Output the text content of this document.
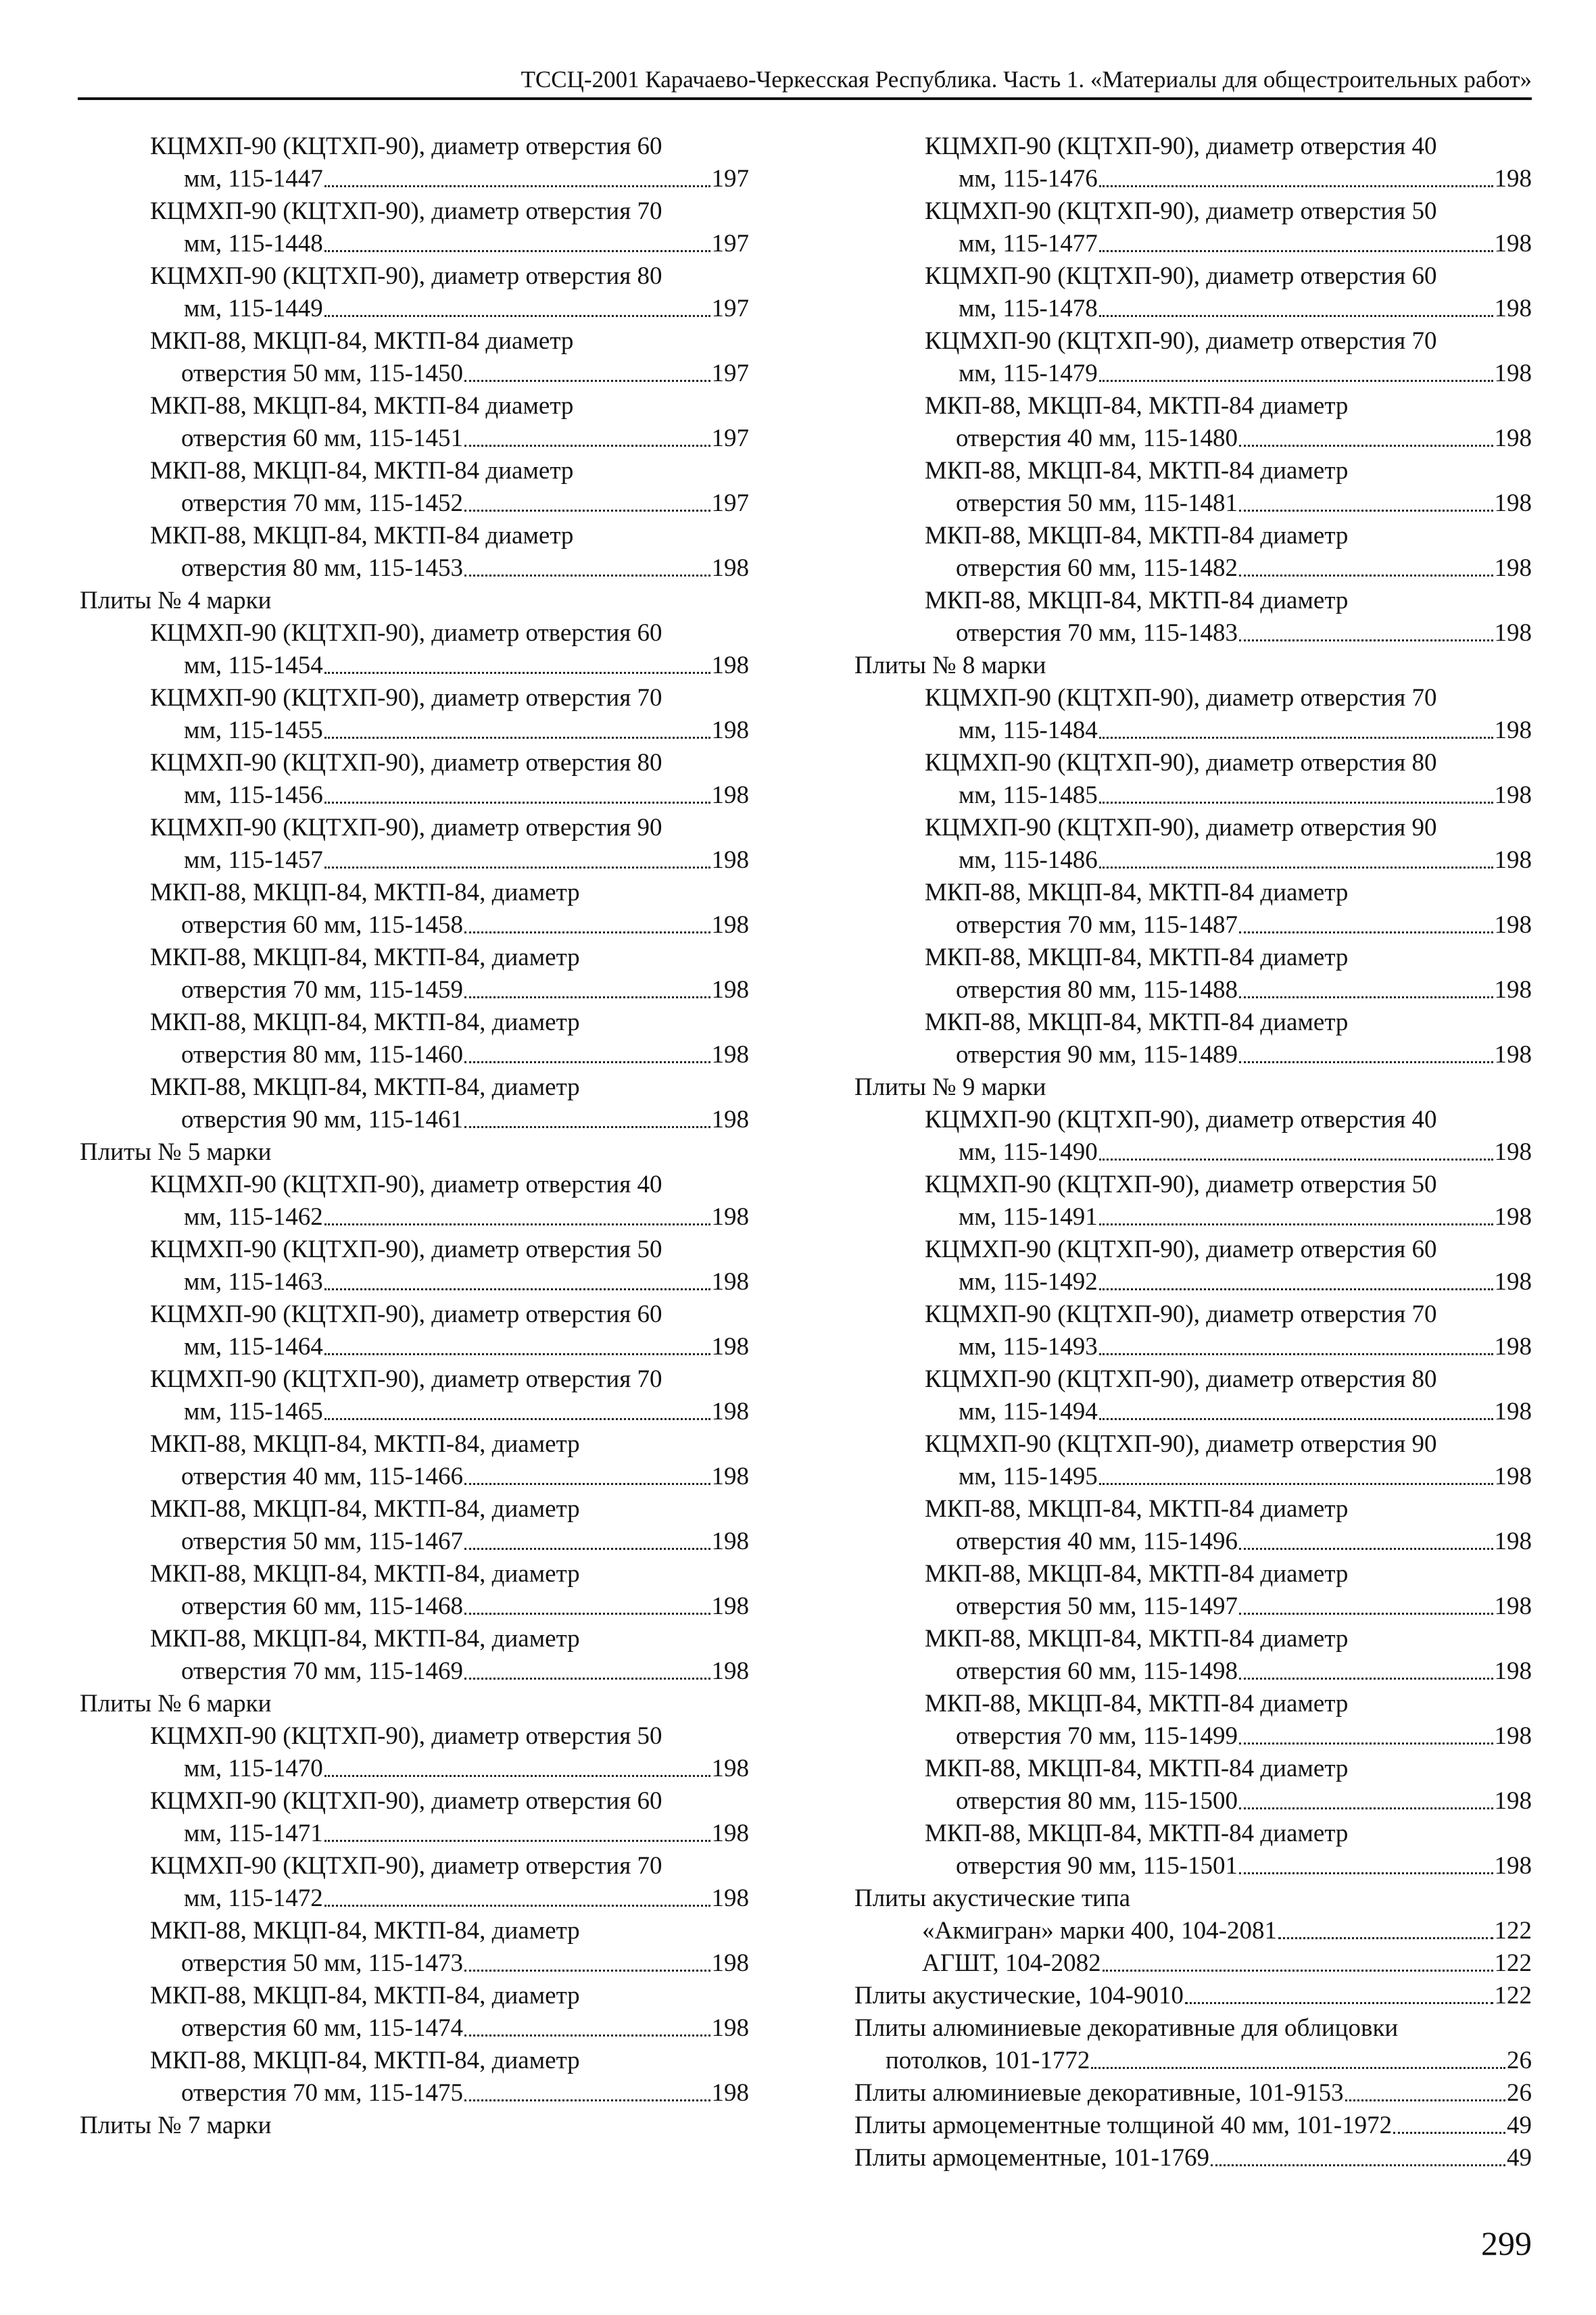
ТССЦ-2001 Карачаево-Черкесская Республика. Часть 1. «Материалы для общестроительных работ»
КЦМХП-90 (КЦТХП-90), диаметр отверстия 60
мм, 115-1447	197
КЦМХП-90 (КЦТХП-90), диаметр отверстия 70
мм, 115-1448	197
КЦМХП-90 (КЦТХП-90), диаметр отверстия 80
мм, 115-1449	197
МКП-88, МКЦП-84, МКТП-84 диаметр
отверстия 50 мм, 115-1450	197
МКП-88, МКЦП-84, МКТП-84 диаметр
отверстия 60 мм, 115-1451	197
МКП-88, МКЦП-84, МКТП-84 диаметр
отверстия 70 мм, 115-1452	197
МКП-88, МКЦП-84, МКТП-84 диаметр
отверстия 80 мм, 115-1453	198
Плиты № 4 марки
КЦМХП-90 (КЦТХП-90), диаметр отверстия 60
мм, 115-1454	198
КЦМХП-90 (КЦТХП-90), диаметр отверстия 70
мм, 115-1455	198
КЦМХП-90 (КЦТХП-90), диаметр отверстия 80
мм, 115-1456	198
КЦМХП-90 (КЦТХП-90), диаметр отверстия 90
мм, 115-1457	198
МКП-88, МКЦП-84, МКТП-84, диаметр
отверстия 60 мм, 115-1458	198
МКП-88, МКЦП-84, МКТП-84, диаметр
отверстия 70 мм, 115-1459	198
МКП-88, МКЦП-84, МКТП-84, диаметр
отверстия 80 мм, 115-1460	198
МКП-88, МКЦП-84, МКТП-84, диаметр
отверстия 90 мм, 115-1461	198
Плиты № 5 марки
КЦМХП-90 (КЦТХП-90), диаметр отверстия 40
мм, 115-1462	198
КЦМХП-90 (КЦТХП-90), диаметр отверстия 50
мм, 115-1463	198
КЦМХП-90 (КЦТХП-90), диаметр отверстия 60
мм, 115-1464	198
КЦМХП-90 (КЦТХП-90), диаметр отверстия 70
мм, 115-1465	198
МКП-88, МКЦП-84, МКТП-84, диаметр
отверстия 40 мм, 115-1466	198
МКП-88, МКЦП-84, МКТП-84, диаметр
отверстия 50 мм, 115-1467	198
МКП-88, МКЦП-84, МКТП-84, диаметр
отверстия 60 мм, 115-1468	198
МКП-88, МКЦП-84, МКТП-84, диаметр
отверстия 70 мм, 115-1469	198
Плиты № 6 марки
КЦМХП-90 (КЦТХП-90), диаметр отверстия 50
мм, 115-1470	198
КЦМХП-90 (КЦТХП-90), диаметр отверстия 60
мм, 115-1471	198
КЦМХП-90 (КЦТХП-90), диаметр отверстия 70
мм, 115-1472	198
МКП-88, МКЦП-84, МКТП-84, диаметр
отверстия 50 мм, 115-1473	198
МКП-88, МКЦП-84, МКТП-84, диаметр
отверстия 60 мм, 115-1474	198
МКП-88, МКЦП-84, МКТП-84, диаметр
отверстия 70 мм, 115-1475	198
Плиты № 7 марки
КЦМХП-90 (КЦТХП-90), диаметр отверстия 40
мм, 115-1476	198
КЦМХП-90 (КЦТХП-90), диаметр отверстия 50
мм, 115-1477	198
КЦМХП-90 (КЦТХП-90), диаметр отверстия 60
мм, 115-1478	198
КЦМХП-90 (КЦТХП-90), диаметр отверстия 70
мм, 115-1479	198
МКП-88, МКЦП-84, МКТП-84 диаметр
отверстия 40 мм, 115-1480	198
МКП-88, МКЦП-84, МКТП-84 диаметр
отверстия 50 мм, 115-1481	198
МКП-88, МКЦП-84, МКТП-84 диаметр
отверстия 60 мм, 115-1482	198
МКП-88, МКЦП-84, МКТП-84 диаметр
отверстия 70 мм, 115-1483	198
Плиты № 8 марки
КЦМХП-90 (КЦТХП-90), диаметр отверстия 70
мм, 115-1484	198
КЦМХП-90 (КЦТХП-90), диаметр отверстия 80
мм, 115-1485	198
КЦМХП-90 (КЦТХП-90), диаметр отверстия 90
мм, 115-1486	198
МКП-88, МКЦП-84, МКТП-84 диаметр
отверстия 70 мм, 115-1487	198
МКП-88, МКЦП-84, МКТП-84 диаметр
отверстия 80 мм, 115-1488	198
МКП-88, МКЦП-84, МКТП-84 диаметр
отверстия 90 мм, 115-1489	198
Плиты № 9 марки
КЦМХП-90 (КЦТХП-90), диаметр отверстия 40
мм, 115-1490	198
КЦМХП-90 (КЦТХП-90), диаметр отверстия 50
мм, 115-1491	198
КЦМХП-90 (КЦТХП-90), диаметр отверстия 60
мм, 115-1492	198
КЦМХП-90 (КЦТХП-90), диаметр отверстия 70
мм, 115-1493	198
КЦМХП-90 (КЦТХП-90), диаметр отверстия 80
мм, 115-1494	198
КЦМХП-90 (КЦТХП-90), диаметр отверстия 90
мм, 115-1495	198
МКП-88, МКЦП-84, МКТП-84 диаметр
отверстия 40 мм, 115-1496	198
МКП-88, МКЦП-84, МКТП-84 диаметр
отверстия 50 мм, 115-1497	198
МКП-88, МКЦП-84, МКТП-84 диаметр
отверстия 60 мм, 115-1498	198
МКП-88, МКЦП-84, МКТП-84 диаметр
отверстия 70 мм, 115-1499	198
МКП-88, МКЦП-84, МКТП-84 диаметр
отверстия 80 мм, 115-1500	198
МКП-88, МКЦП-84, МКТП-84 диаметр
отверстия 90 мм, 115-1501	198
Плиты акустические типа
«Акмигран» марки 400, 104-2081	122
АГШТ, 104-2082	122
Плиты акустические, 104-9010	122
Плиты алюминиевые декоративные для облицовки
потолков, 101-1772	26
Плиты алюминиевые декоративные, 101-9153	26
Плиты армоцементные толщиной 40 мм, 101-1972	49
Плиты армоцементные, 101-1769	49
299
